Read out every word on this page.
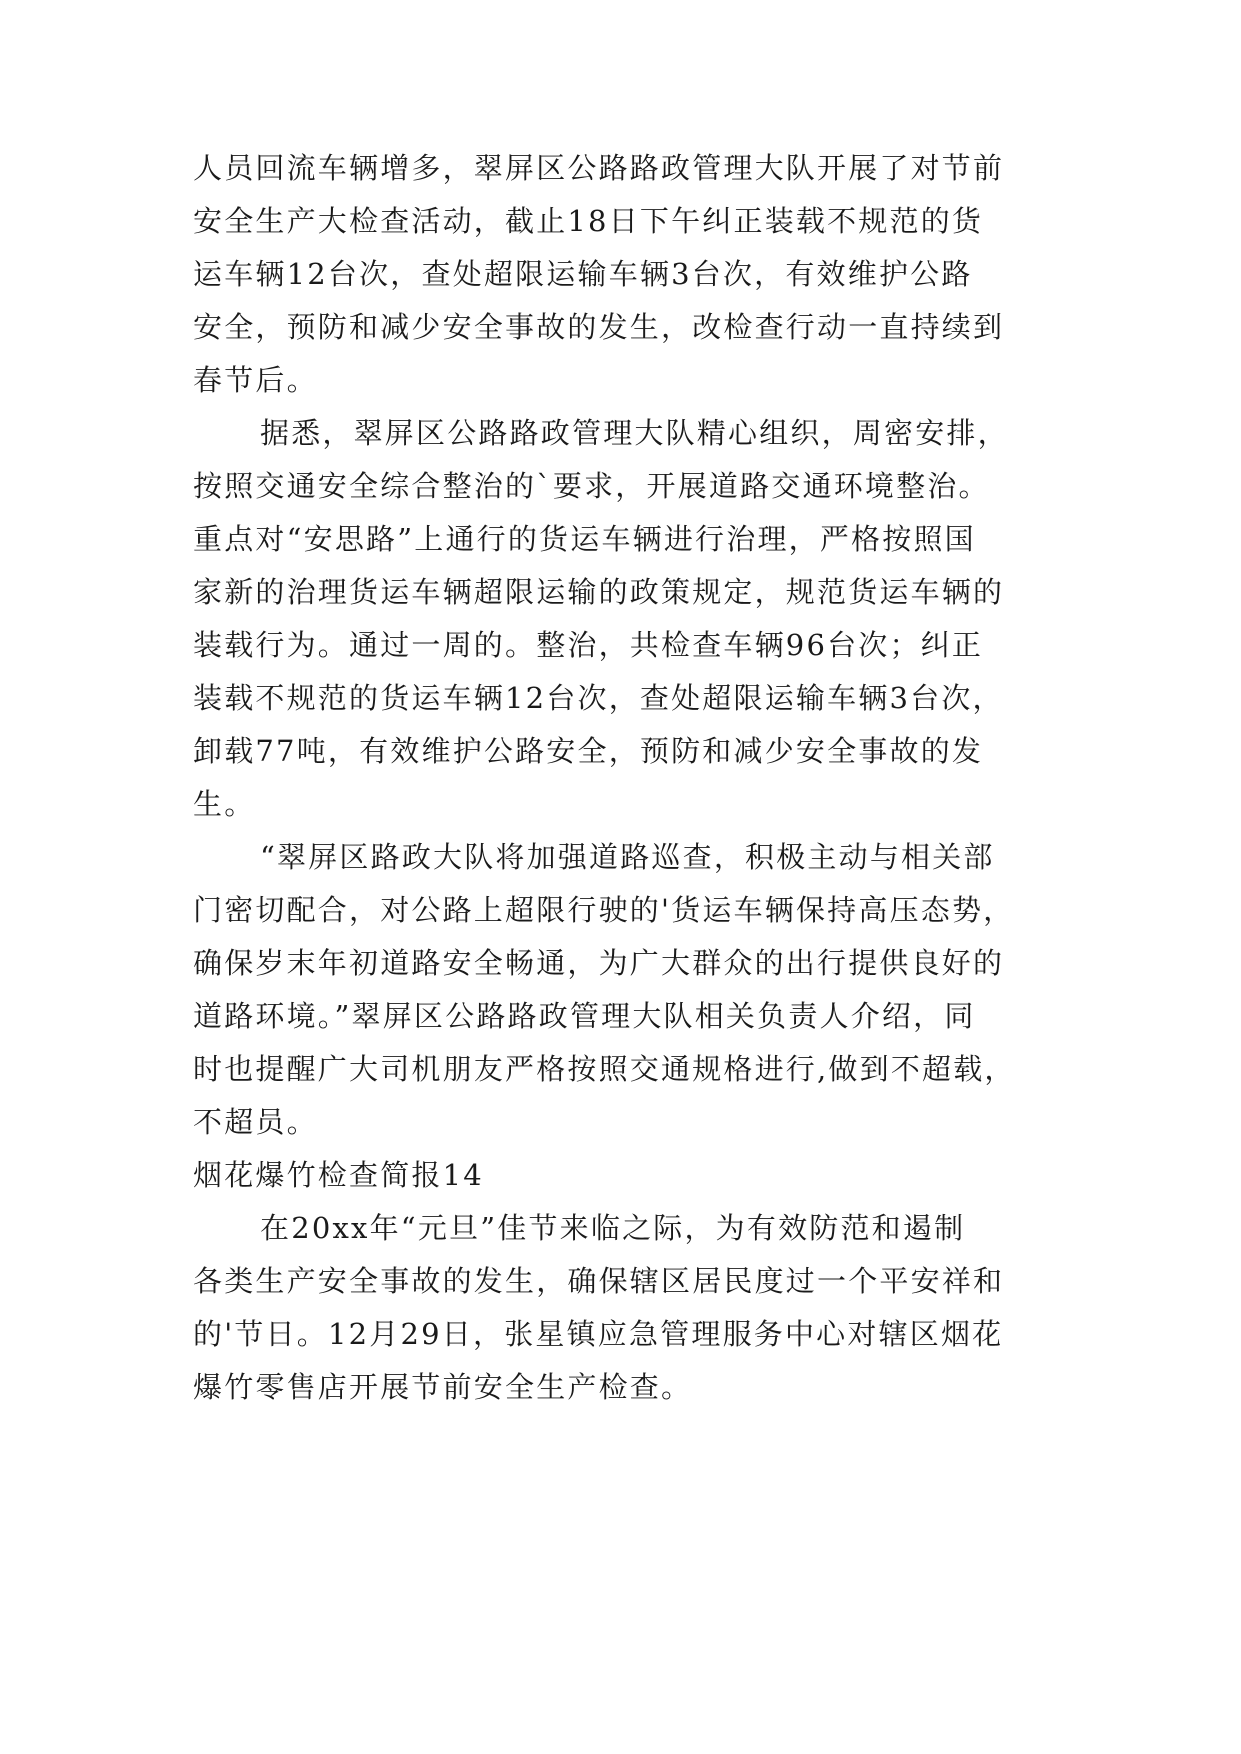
人员回流车辆增多，翠屏区公路路政管理大队开展了对节前
安全生产大检查活动，截止18日下午纠正装载不规范的货
运车辆12台次，查处超限运输车辆3台次，有效维护公路
安全，预防和减少安全事故的发生，改检查行动一直持续到
春节后。
据悉，翠屏区公路路政管理大队精心组织，周密安排，
按照交通安全综合整治的`要求，开展道路交通环境整治。
重点对“安思路”上通行的货运车辆进行治理，严格按照国
家新的治理货运车辆超限运输的政策规定，规范货运车辆的
装载行为。通过一周的。整治，共检查车辆96台次；纠正
装载不规范的货运车辆12台次，查处超限运输车辆3台次，
卸载77吨，有效维护公路安全，预防和减少安全事故的发
生。
“翠屏区路政大队将加强道路巡查，积极主动与相关部
门密切配合，对公路上超限行驶的'货运车辆保持高压态势，
确保岁末年初道路安全畅通，为广大群众的出行提供良好的
道路环境。”翠屏区公路路政管理大队相关负责人介绍，同
时也提醒广大司机朋友严格按照交通规格进行,做到不超载，
不超员。
烟花爆竹检查简报14
在20xx年“元旦”佳节来临之际，为有效防范和遏制
各类生产安全事故的发生，确保辖区居民度过一个平安祥和
的'节日。12月29日，张星镇应急管理服务中心对辖区烟花
爆竹零售店开展节前安全生产检查。
